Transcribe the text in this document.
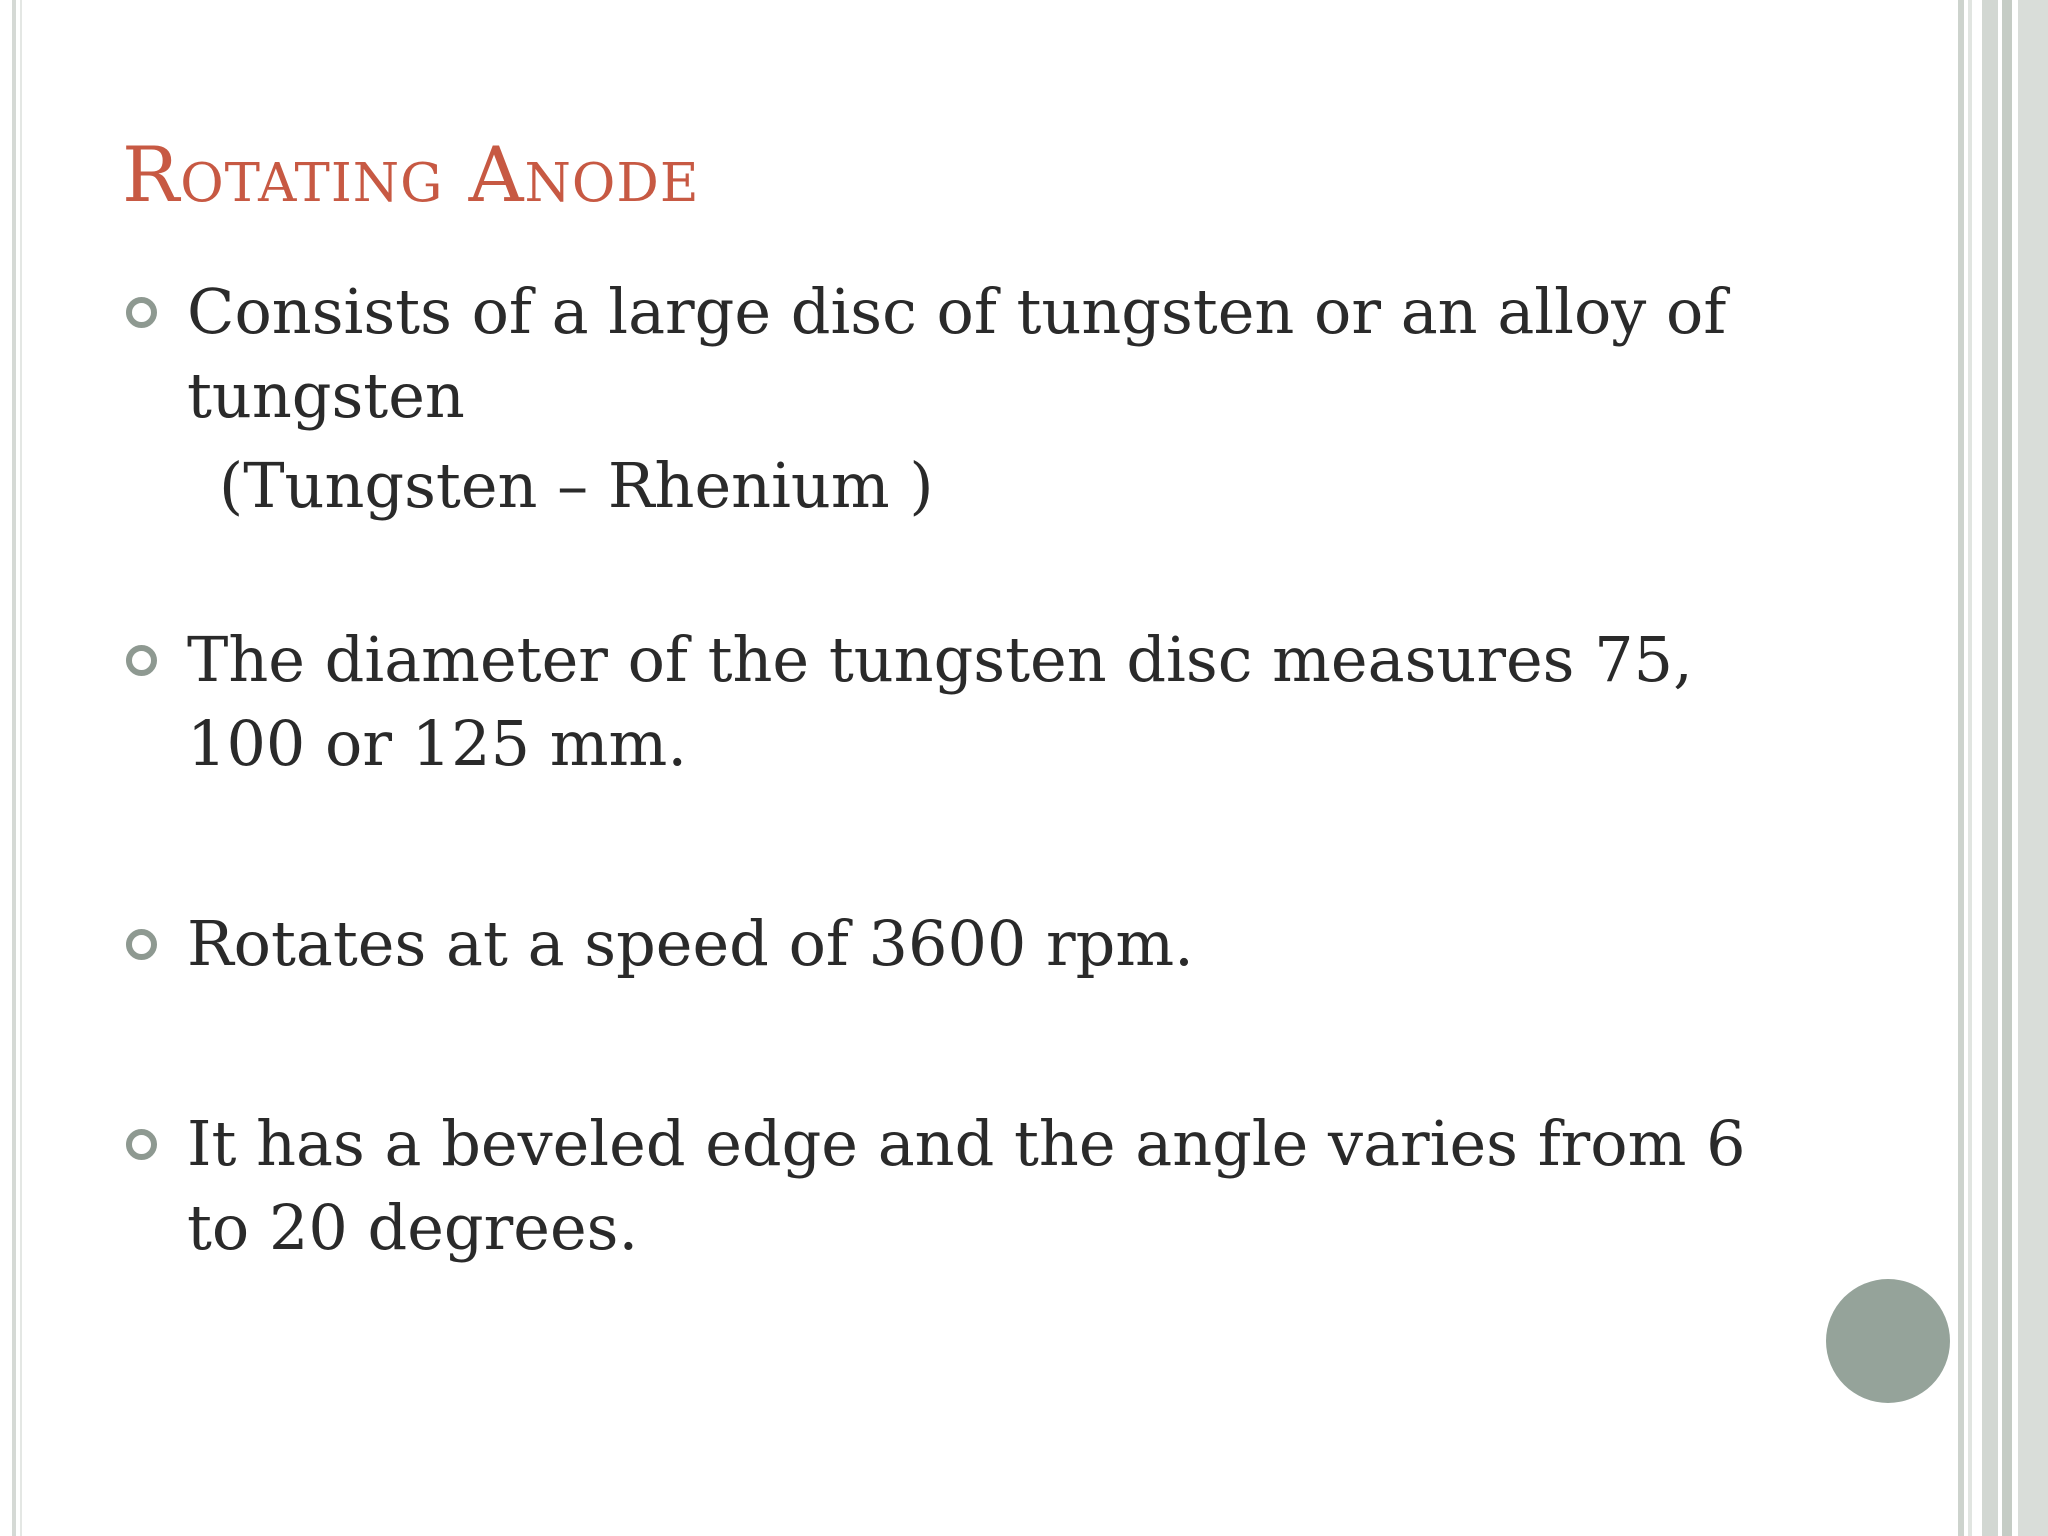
Rotating Anode
Consists of a large disc of tungsten or an alloy of tungsten
(Tungsten – Rhenium )
The diameter of the tungsten disc measures 75, 100 or 125 mm.
Rotates at a speed of 3600 rpm.
It has a beveled edge and the angle varies from 6 to 20 degrees.
